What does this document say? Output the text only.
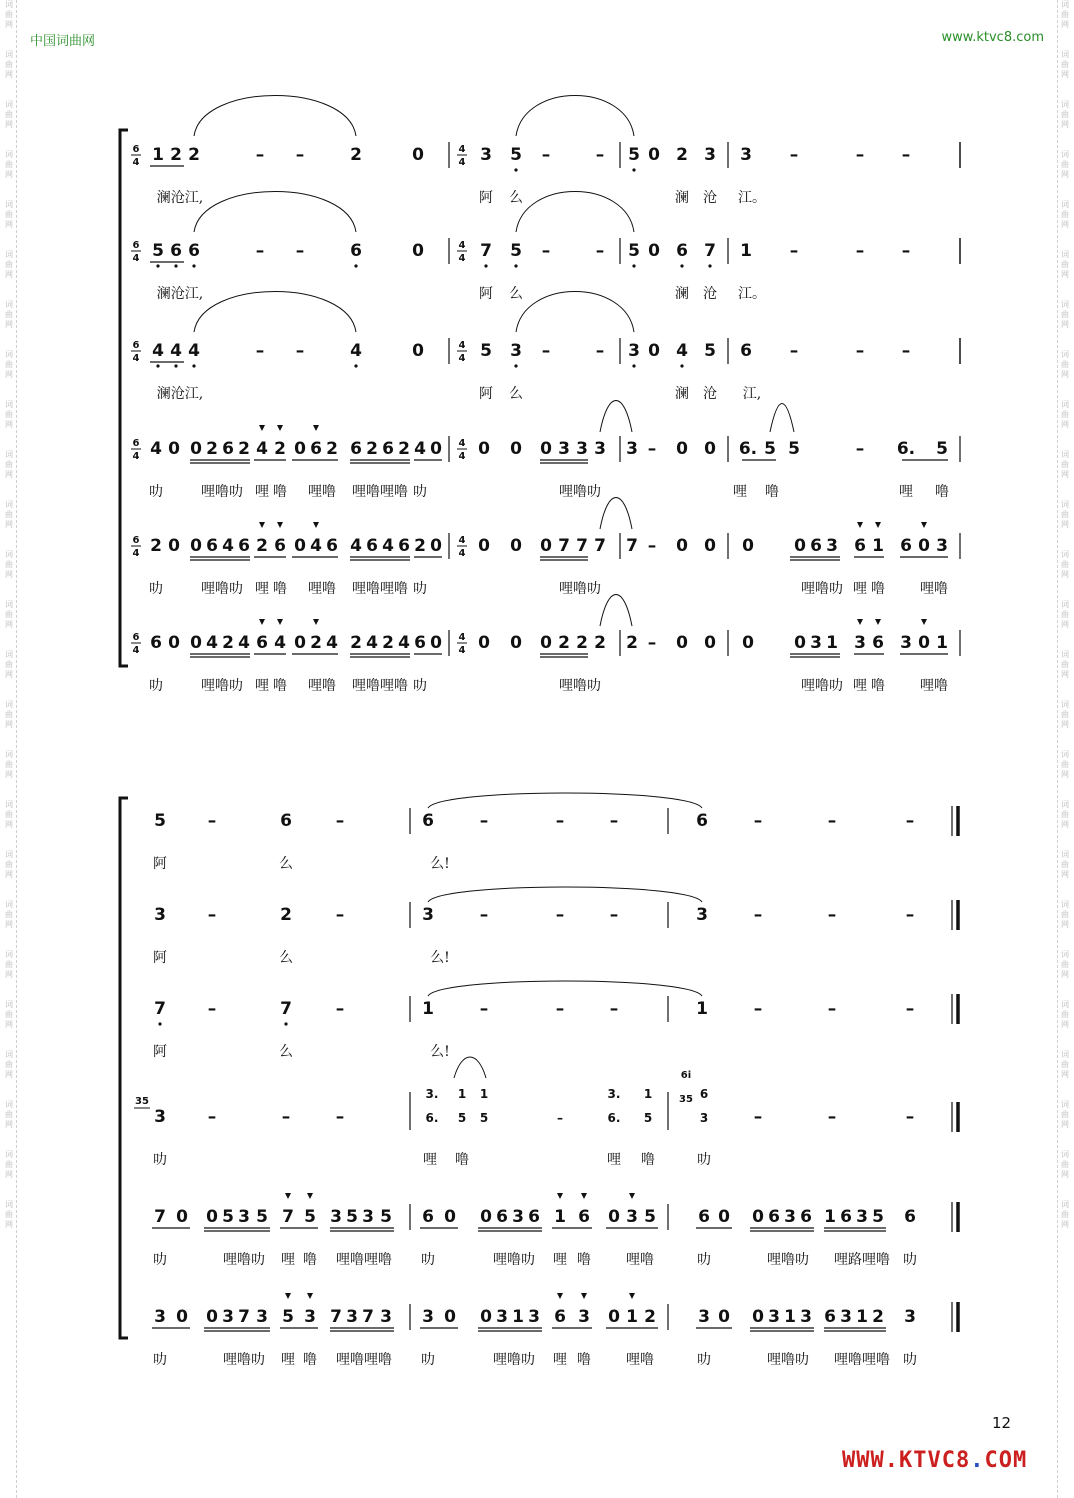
词
曲
网
词
曲
网
词
曲
网
词
曲
网
词
曲
网
词
曲
网
词
曲
网
词
曲
网
词
曲
网
词
曲
网
词
曲
网
词
曲
网
词
曲
网
词
曲
网
词
曲
网
词
曲
网
词
曲
网
词
曲
网
词
曲
网
词
曲
网
词
曲
网
词
曲
网
词
曲
网
词
曲
网
词
曲
网
词
曲
网
词
曲
网
词
曲
网
词
曲
网
词
曲
网
词
曲
网
词
曲
网
词
曲
网
词
曲
网
词
曲
网
词
曲
网
词
曲
网
词
曲
网
词
曲
网
词
曲
网
词
曲
网
词
曲
网
词
曲
网
词
曲
网
词
曲
网
词
曲
网
词
曲
网
词
曲
网
词
曲
网
词
曲
网
中国词曲网	www.ktvc8.com
6
4
4
4
1 2 2	– –	2	0	3 5 –	– 5 0 2 3 3 –	– –
澜沧江,	阿 么	澜 沧 江。
6
4
4
4
5 6 6	– –	6	0	7 5 –	– 5 0 6 7 1 –	– –
澜沧江,	阿 么	澜 沧 江。
6
4
4
4
4 4 4	– –	4	0	5 3 –	– 3 0 4 5 6 –	– –
澜沧江,	阿 么	澜 沧 江,
6
4
4
4
4 0 0 2 6 2 4 2 0 6 2 6 2 6 2 4 0 0 0 0 3 3 3 3 – 0 0 6. 5 5	– 6. 5
叻	哩噜叻 哩 噜 哩噜 哩噜哩噜 叻	哩噜叻	哩 噜	哩 噜
6
4
4
4
2 0 0 6 4 6 2 6 0 4 6 4 6 4 6 2 0 0 0 0 7 7 7 7 – 0 0 0 0 6 3 6 1 6 0 3
叻	哩噜叻 哩 噜 哩噜 哩噜哩噜 叻	哩噜叻	哩噜叻 哩 噜	哩噜
6
4
4
4
6 0 0 4 2 4 6 4 0 2 4 2 4 2 4 6 0 0 0 0 2 2 2 2 – 0 0 0 0 3 1 3 6 3 0 1
叻	哩噜叻 哩 噜 哩噜 哩噜哩噜 叻	哩噜叻	哩噜叻 哩 噜	哩噜
5 –	6	–	6	–	–	–	6	–	–	–
阿	么	么!
3 –	2	–	3	–	–	–	3	–	–	–
阿	么	么!
7 –	7	–	1	–	–	–	1	–	–	–
阿	么	么!
35
3. 1 1	3. 1	6
6i
35
3 –	–	–	6. 5 5	–	6. 5	3	–	–	–
叻	哩 噜	哩 噜	叻
7 0 0 5 3 5 7 5 3 5 3 5 6 0 0 6 3 6 1 6 0 3 5 6 0 0 6 3 6 1 6 3 5 6
叻	哩噜叻 哩 噜 哩噜哩噜 叻	哩噜叻 哩 噜	哩噜	叻	哩噜叻 哩路哩噜 叻
3 0 0 3 7 3 5 3 7 3 7 3 3 0 0 3 1 3 6 3 0 1 2 3 0 0 3 1 3 6 3 1 2 3
叻	哩噜叻 哩 噜 哩噜哩噜 叻	哩噜叻 哩 噜	哩噜	叻	哩噜叻 哩噜哩噜 叻
12
WWW.KTVC8.COM
